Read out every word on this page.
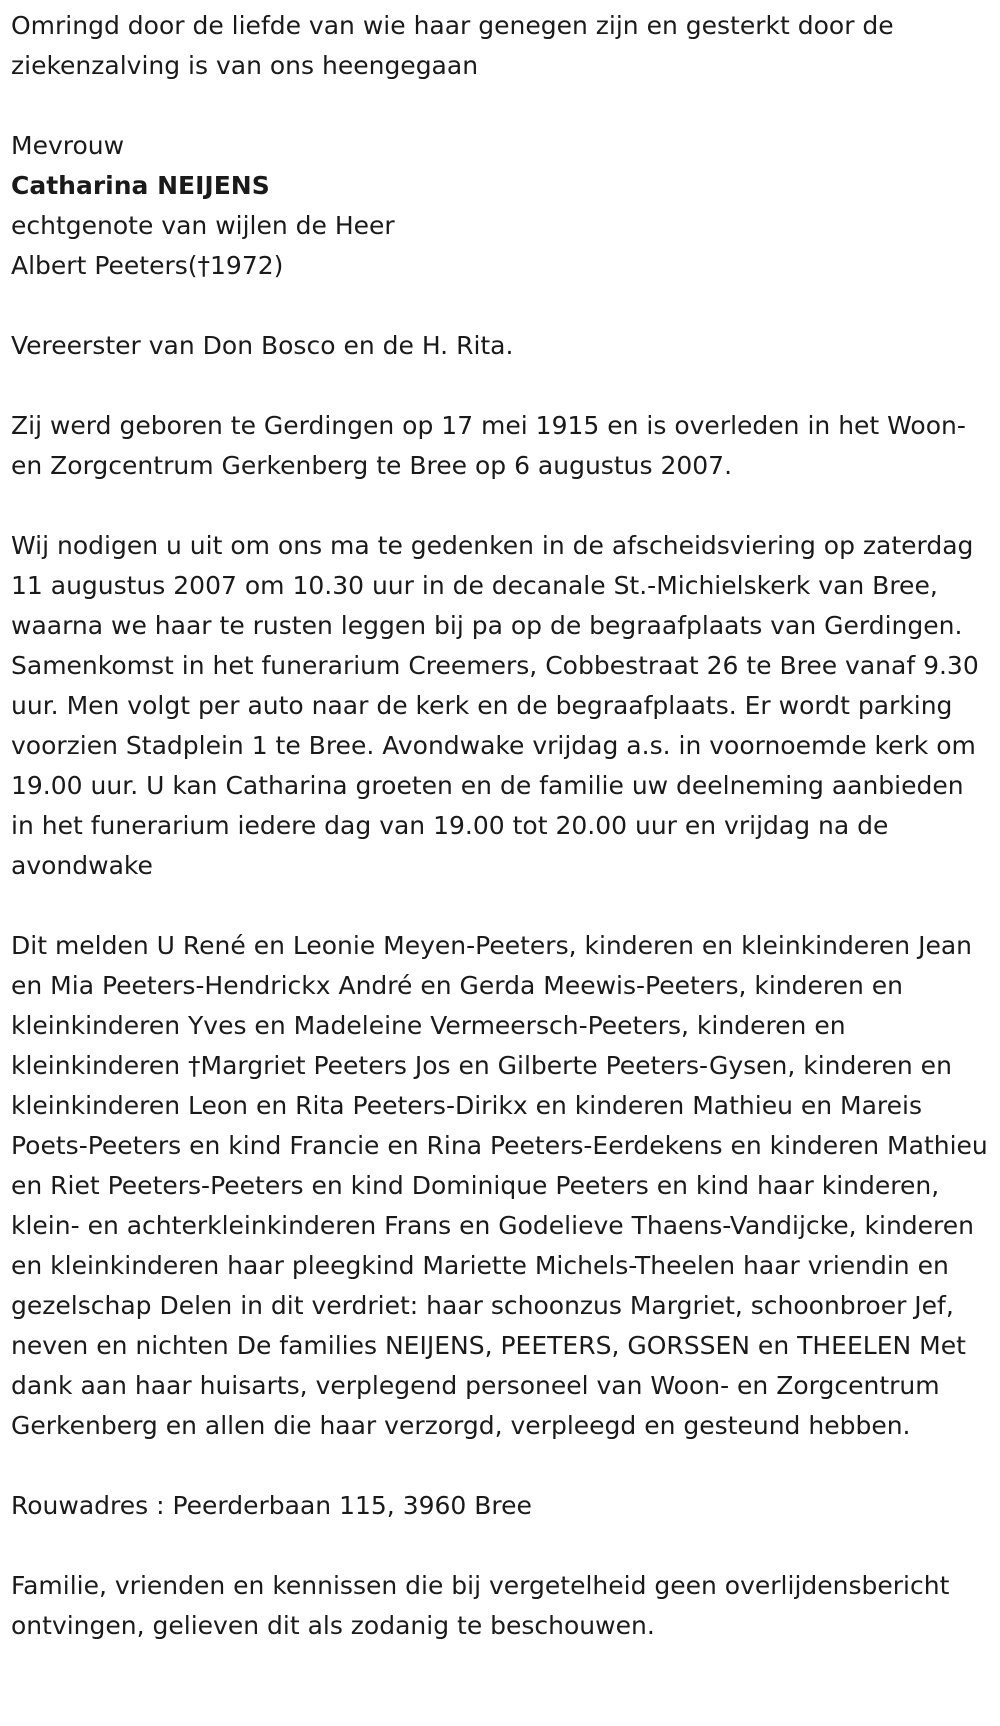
Omringd door de liefde van wie haar genegen zijn en gesterkt door de ziekenzalving is van ons heengegaan

Mevrouw

Catharina NEIJENS

echtgenote van wijlen de Heer

Albert Peeters(†1972)

Vereerster van Don Bosco en de H. Rita.

Zij werd geboren te Gerdingen op 17 mei 1915 en is overleden in het Woon- en Zorgcentrum Gerkenberg te Bree op 6 augustus 2007.

Wij nodigen u uit om ons ma te gedenken in de afscheidsviering op zaterdag 11 augustus 2007 om 10.30 uur in de decanale St.-Michielskerk van Bree, waarna we haar te rusten leggen bij pa op de begraafplaats van Gerdingen. Samenkomst in het funerarium Creemers, Cobbestraat 26 te Bree vanaf 9.30 uur. Men volgt per auto naar de kerk en de begraafplaats. Er wordt parking voorzien Stadplein 1 te Bree. Avondwake vrijdag a.s. in voornoemde kerk om 19.00 uur. U kan Catharina groeten en de familie uw deelneming aanbieden in het funerarium iedere dag van 19.00 tot 20.00 uur en vrijdag na de avondwake

Dit melden U René en Leonie Meyen-Peeters, kinderen en kleinkinderen Jean en Mia Peeters-Hendrickx André en Gerda Meewis-Peeters, kinderen en kleinkinderen Yves en Madeleine Vermeersch-Peeters, kinderen en kleinkinderen †Margriet Peeters Jos en Gilberte Peeters-Gysen, kinderen en kleinkinderen Leon en Rita Peeters-Dirikx en kinderen Mathieu en Mareis Poets-Peeters en kind Francie en Rina Peeters-Eerdekens en kinderen Mathieu en Riet Peeters-Peeters en kind Dominique Peeters en kind haar kinderen, klein- en achterkleinkinderen Frans en Godelieve Thaens-Vandijcke, kinderen en kleinkinderen haar pleegkind Mariette Michels-Theelen haar vriendin en gezelschap Delen in dit verdriet: haar schoonzus Margriet, schoonbroer Jef, neven en nichten De families NEIJENS, PEETERS, GORSSEN en THEELEN Met dank aan haar huisarts, verplegend personeel van Woon- en Zorgcentrum Gerkenberg en allen die haar verzorgd, verpleegd en gesteund hebben.

Rouwadres : Peerderbaan 115, 3960 Bree

Familie, vrienden en kennissen die bij vergetelheid geen overlijdensbericht ontvingen, gelieven dit als zodanig te beschouwen.
